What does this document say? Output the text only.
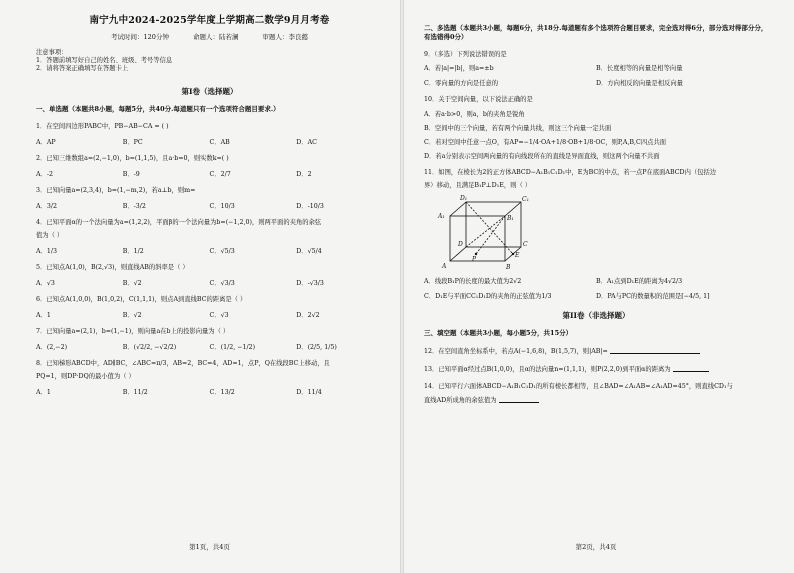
南宁九中2024-2025学年度上学期高二数学9月月考卷
考试时间：120分钟	命题人：陆若澜	审题人：李良懿
注意事项：
1．答题前填写好自己的姓名、班级、考号等信息
2．请将答案正确填写在答题卡上
第I卷（选择题）
一、单选题（本题共8小题，每题5分，共40分.每道题只有一个选项符合题目要求.）
1．在空间四边形PABC中，PB−AB−CA = ( )
A．AP	B．PC	C．AB	D．AC
2．已知三维数组a=(2,−1,0)，b=(1,1,5)，且a·b=0，则实数k=( )
A．-2	B．-9	C．2/7	D．2
3．已知向量a=(2,3,4)，b=(1,−m,2)，若a⊥b，则m=
A．3/2	B．-3/2	C．10/3	D．-10/3
4．已知平面α的一个法向量为a=(1,2,2)，平面β的一个法向量为b=(−1,2,0)，则两平面的夹角的余弦
值为（ ）
A．1/3	B．1/2	C．√5/3	D．√5/4
5．已知点A(1,0)，B(2,√3)，则直线AB的斜率是（ ）
A．√3	B．√2	C．√3/3	D．-√3/3
6．已知点A(1,0,0)，B(1,0,2)，C(1,1,1)，则点A到直线BC的距离是（ ）
A．1	B．√2	C．√3	D．2√2
7．已知向量a=(2,1)，b=(1,−1)，则向量a在b上的投影向量为（ ）
A．(2,−2)	B．(√2/2, −√2/2)	C．(1/2, −1/2)	D．(2/5, 1/5)
8．已知梯形ABCD中，AD∥BC，∠ABC=π/3，AB=2，BC=4，AD=1，点P，Q在线段BC上移动，且
PQ=1，则DP·DQ的最小值为（ ）
A．1	B．11/2	C．13/2	D．11/4
第1页，共4页
二、多选题（本题共3小题，每题6分，共18分.每道题有多个选项符合题目要求，完全选对得6分，部分选对得部分分，有选错得0分）
9．（多选）下列说法错误的是
A．若|a|=|b|，则a=±b	B．长度相等的向量是相等向量
C．零向量的方向是任意的	D．方向相反的向量是相反向量
10．关于空间向量，以下说法正确的是
A．若a·b>0，则a，b的夹角是锐角
B．空间中的三个向量，若有两个向量共线，则这三个向量一定共面
C．若对空间中任意一点O，有AP=−1/4·OA+1/8·OB+1/8·OC，则P,A,B,C四点共面
D．若a分别表示空间两向量的有向线段所在的直线是异面直线，则这两个向量不共面
11．如图，在棱长为2的正方体ABCD−A₁B₁C₁D₁中，E为BC的中点，若一点P在底面ABCD内（包括边
界）移动，且满足B₁P⊥D₁E，则（ ）
D₁	C₁
A₁	B₁
D	C
E
A	B
P
A．线段B₁P的长度的最大值为2√2	B．A₁点到D₁E的距离为4√2/3
C．D₁E与平面CC₁D₁D的夹角的正弦值为1/3	D．PA与PC的数量积的范围是[−4/5, 1]
第II卷（非选择题）
三、填空题（本题共3小题，每小题5分，共15分）
12．在空间直角坐标系中，若点A(−1,6,8)，B(1,5,7)，则|AB|=
13．已知平面α经过点B(1,0,0)，且α的法向量n=(1,1,1)，则P(2,2,0)到平面α的距离为
14．已知平行六面体ABCD−A₁B₁C₁D₁的所有棱长都相等，且∠BAD=∠A₁AB=∠A₁AD=45°，则直线CD₁与
直线AD所成角的余弦值为
第2页，共4页
